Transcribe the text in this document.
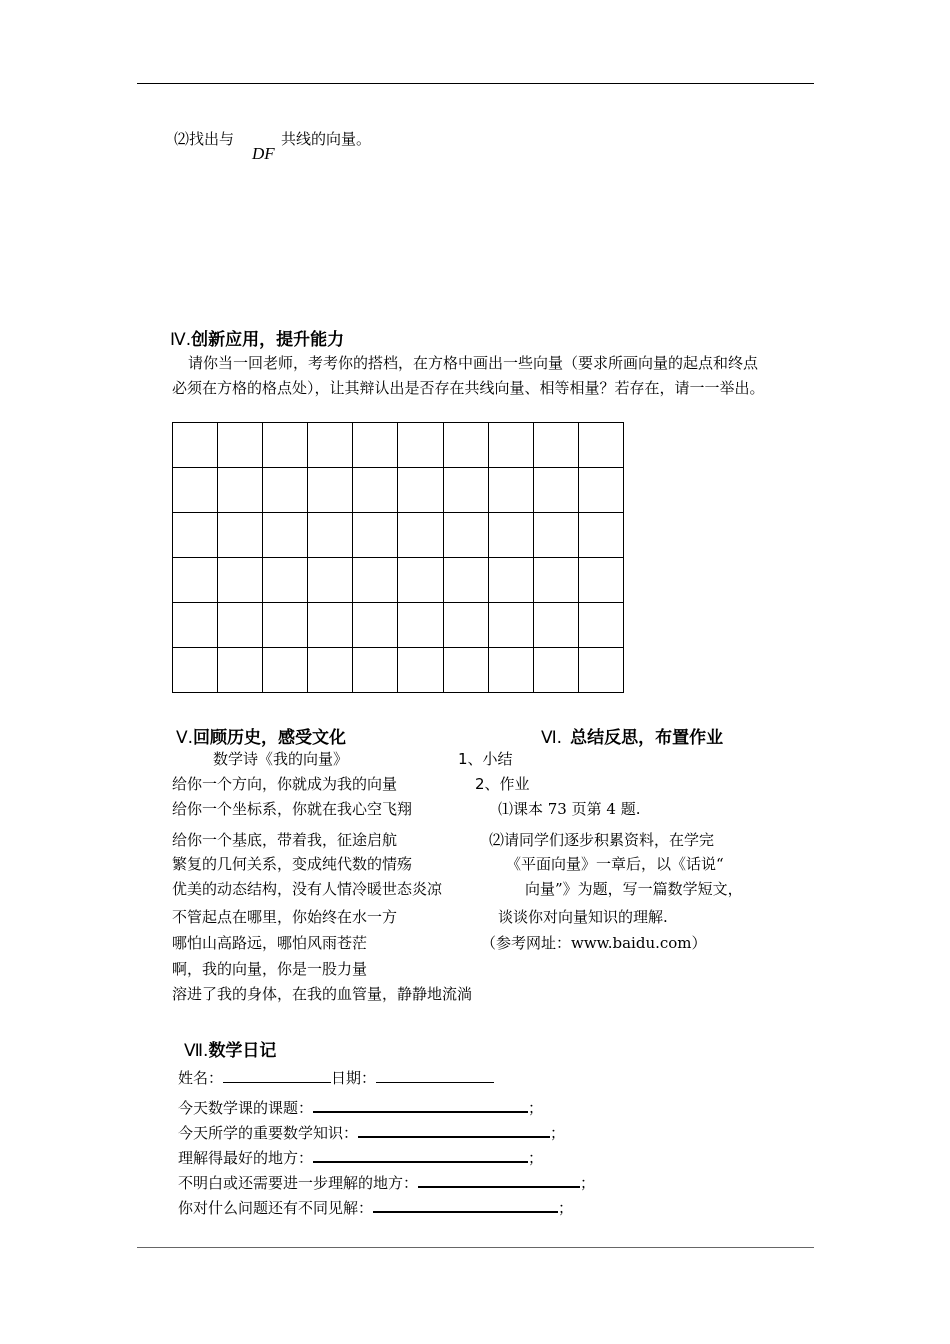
⑵找出与
DF
共线的向量。
Ⅳ.创新应用，提升能力
请你当一回老师，考考你的搭档，在方格中画出一些向量（要求所画向量的起点和终点
必须在方格的格点处），让其辩认出是否存在共线向量、相等相量？若存在，请一一举出。
Ⅴ.回顾历史，感受文化	Ⅵ. 总结反思，布置作业
数学诗《我的向量》
给你一个方向，你就成为我的向量
给你一个坐标系，你就在我心空飞翔
给你一个基底，带着我，征途启航
繁复的几何关系，变成纯代数的情殇
优美的动态结构，没有人情冷暖世态炎凉
不管起点在哪里，你始终在水一方
哪怕山高路远，哪怕风雨苍茫
啊，我的向量，你是一股力量
溶进了我的身体，在我的血管量，静静地流淌
1、小结
2、作业
⑴课本 73 页第 4 题.
⑵请同学们逐步积累资料，在学完
《平面向量》一章后，以《话说“
向量”》为题，写一篇数学短文，
谈谈你对向量知识的理解.
（参考网址：www.baidu.com）
Ⅶ.数学日记
姓名：	日期：
今天数学课的课题：	；
今天所学的重要数学知识：	；
理解得最好的地方：	；
不明白或还需要进一步理解的地方：	；
你对什么问题还有不同见解：	；
